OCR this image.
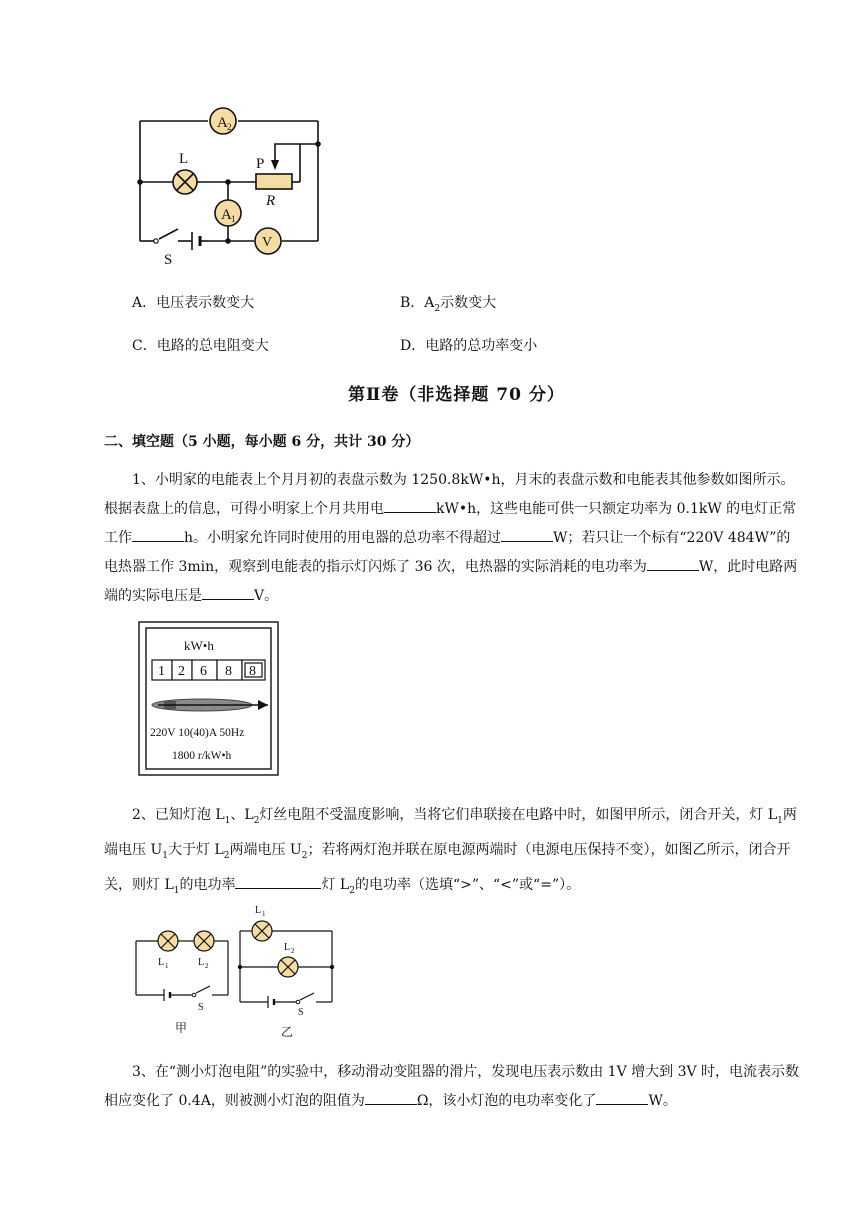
A 2
L
A 1
V
P
R
S
A．电压表示数变大	B．$A_2$示数变大
C．电路的总电阻变大	D．电路的总功率变小
第Ⅱ卷（非选择题 70 分）
二、填空题（5 小题，每小题 6 分，共计 30 分）
1、小明家的电能表上个月月初的表盘示数为 1250.8kW•h，月末的表盘示数和电能表其他参数如图所示。根据表盘上的信息，可得小明家上个月共用电	kW•h，这些电能可供一只额定功率为 0.1kW 的电灯正常工作	h。小明家允许同时使用的用电器的总功率不得超过	W；若只让一个标有“220V 484W”的电热器工作 3min，观察到电能表的指示灯闪烁了 36 次，电热器的实际消耗的电功率为	W，此时电路两端的实际电压是	V。
kW•h
1 2 6 8 8
220V 10(40)A 50Hz
1800 r/kW•h
2、已知灯泡 $L_1$、$L_2$灯丝电阻不受温度影响，当将它们串联接在电路中时，如图甲所示，闭合开关，灯 $L_1$两端电压 $U_1$大于灯 $L_2$两端电压 $U_2$；若将两灯泡并联在原电源两端时（电源电压保持不变），如图乙所示，闭合开关，则灯 $L_1$的电功率	灯 $L_2$的电功率（选填“>”、“<”或“=”）。
L 1	L 2
S
L 1
L 2
S
甲	乙
3、在“测小灯泡电阻”的实验中，移动滑动变阻器的滑片，发现电压表示数由 1V 增大到 3V 时，电流表示数相应变化了 0.4A，则被测小灯泡的阻值为	Ω，该小灯泡的电功率变化了	W。
